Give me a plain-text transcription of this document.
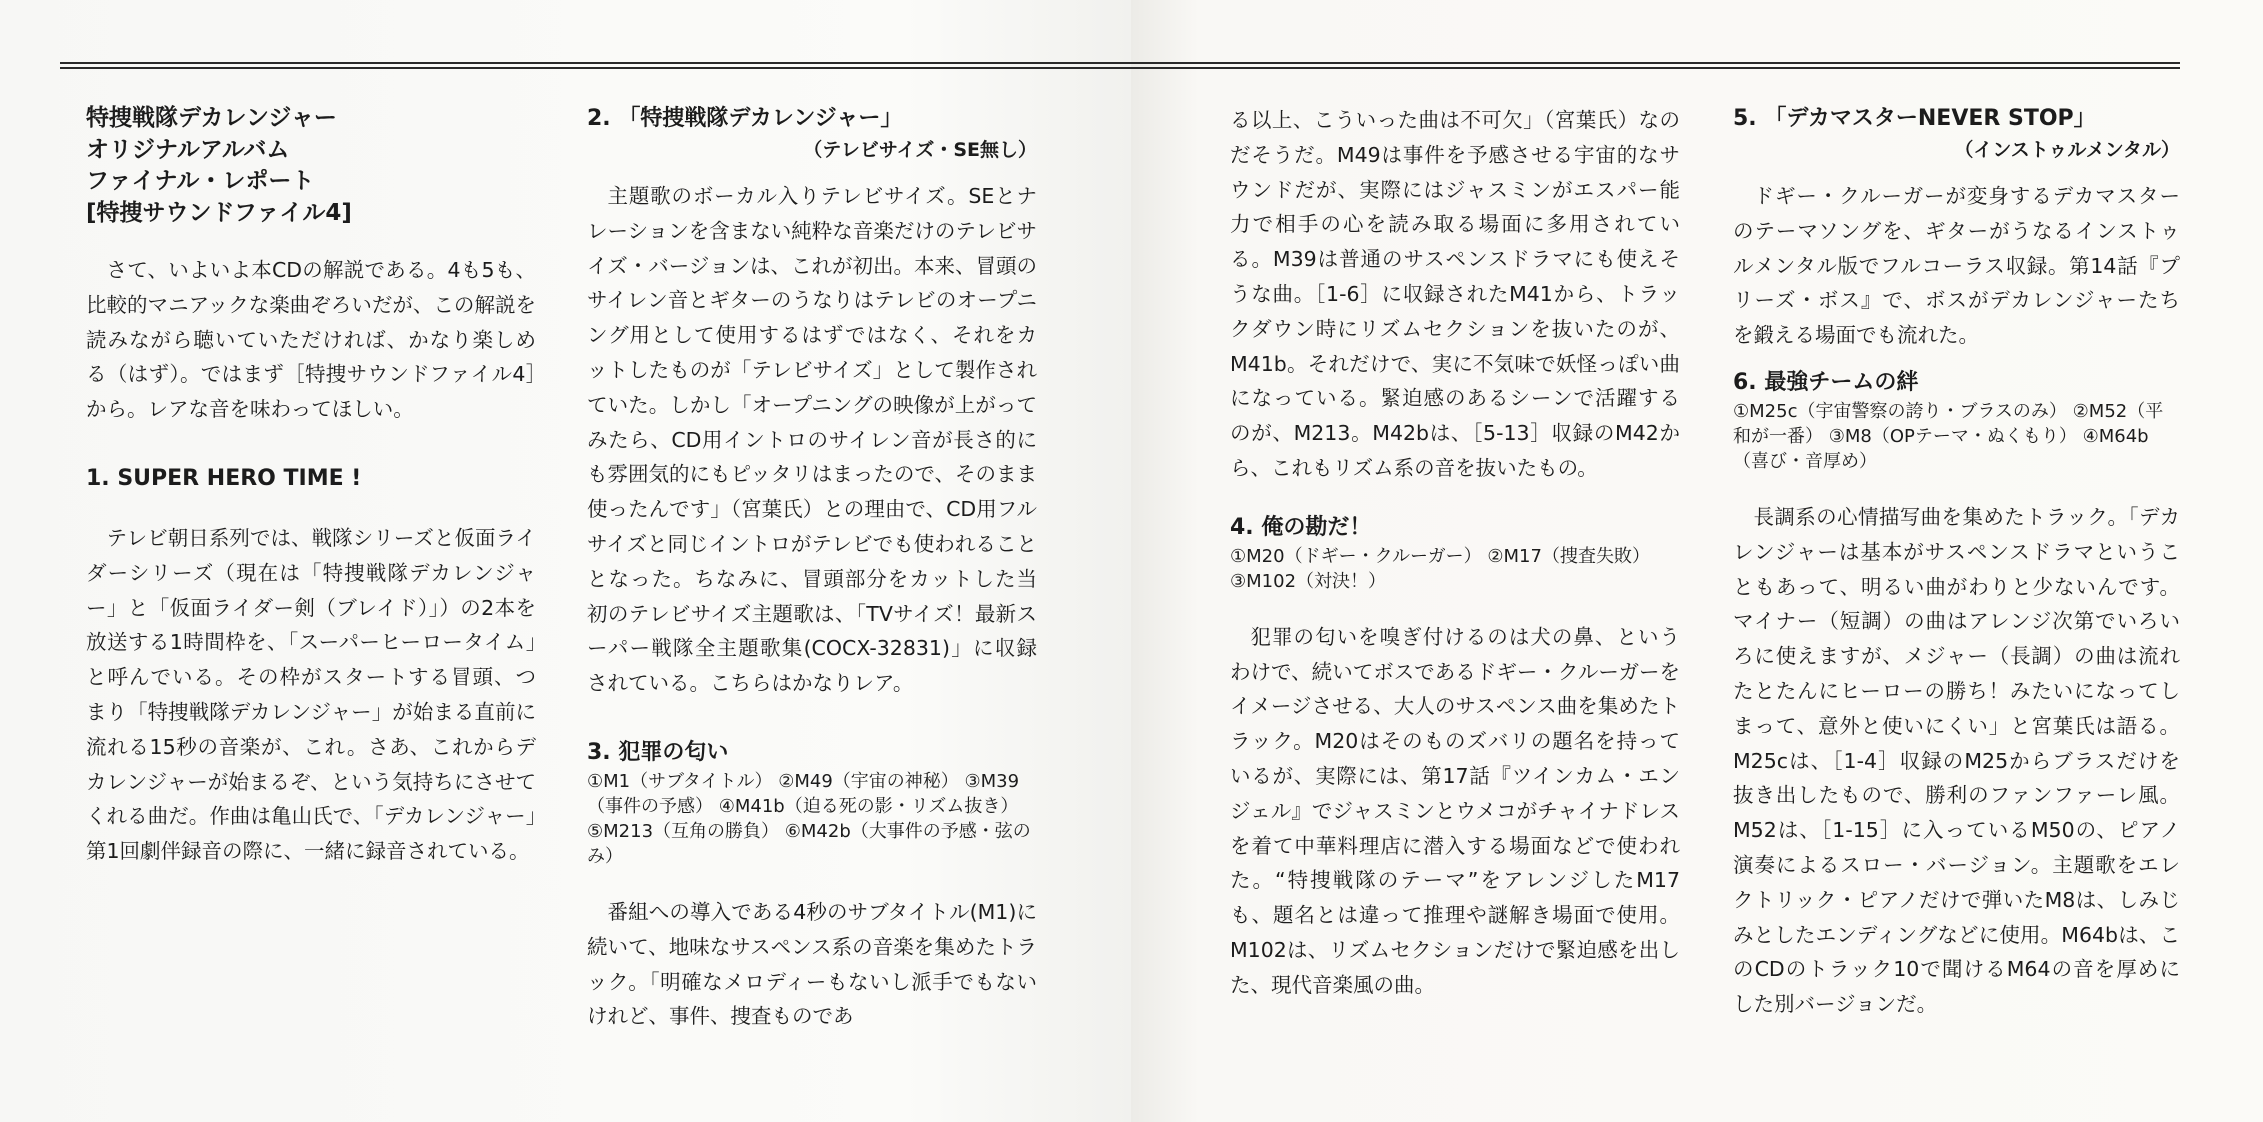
特捜戦隊デカレンジャー
オリジナルアルバム
ファイナル・レポート
[特捜サウンドファイル4]

さて、いよいよ本CDの解説である。4も5も、比較的マニアックな楽曲ぞろいだが、この解説を読みながら聴いていただければ、かなり楽しめる（はず）。ではまず［特捜サウンドファイル4］から。レアな音を味わってほしい。

1. SUPER HERO TIME !

テレビ朝日系列では、戦隊シリーズと仮面ライダーシリーズ（現在は「特捜戦隊デカレンジャー」と「仮面ライダー剣（ブレイド）」）の2本を放送する1時間枠を、「スーパーヒーロータイム」と呼んでいる。その枠がスタートする冒頭、つまり「特捜戦隊デカレンジャー」が始まる直前に流れる15秒の音楽が、これ。さあ、これからデカレンジャーが始まるぞ、という気持ちにさせてくれる曲だ。作曲は亀山氏で、「デカレンジャー」第1回劇伴録音の際に、一緒に録音されている。

2. 「特捜戦隊デカレンジャー」
（テレビサイズ・SE無し）

主題歌のボーカル入りテレビサイズ。SEとナレーションを含まない純粋な音楽だけのテレビサイズ・バージョンは、これが初出。本来、冒頭のサイレン音とギターのうなりはテレビのオープニング用として使用するはずではなく、それをカットしたものが「テレビサイズ」として製作されていた。しかし「オープニングの映像が上がってみたら、CD用イントロのサイレン音が長さ的にも雰囲気的にもピッタリはまったので、そのまま使ったんです」（宮葉氏）との理由で、CD用フルサイズと同じイントロがテレビでも使われることとなった。ちなみに、冒頭部分をカットした当初のテレビサイズ主題歌は、「TVサイズ！最新スーパー戦隊全主題歌集(COCX-32831)」に収録されている。こちらはかなりレア。

3. 犯罪の匂い
①M1（サブタイトル） ②M49（宇宙の神秘） ③M39（事件の予感） ④M41b（迫る死の影・リズム抜き） ⑤M213（互角の勝負） ⑥M42b（大事件の予感・弦のみ）

番組への導入である4秒のサブタイトル(M1)に続いて、地味なサスペンス系の音楽を集めたトラック。「明確なメロディーもないし派手でもないけれど、事件、捜査ものであ

る以上、こういった曲は不可欠」（宮葉氏）なのだそうだ。M49は事件を予感させる宇宙的なサウンドだが、実際にはジャスミンがエスパー能力で相手の心を読み取る場面に多用されている。M39は普通のサスペンスドラマにも使えそうな曲。［1-6］に収録されたM41から、トラックダウン時にリズムセクションを抜いたのが、M41b。それだけで、実に不気味で妖怪っぽい曲になっている。緊迫感のあるシーンで活躍するのが、M213。M42bは、［5-13］収録のM42から、これもリズム系の音を抜いたもの。

4. 俺の勘だ！
①M20（ドギー・クルーガー） ②M17（捜査失敗） ③M102（対決！）

犯罪の匂いを嗅ぎ付けるのは犬の鼻、というわけで、続いてボスであるドギー・クルーガーをイメージさせる、大人のサスペンス曲を集めたトラック。M20はそのものズバリの題名を持っているが、実際には、第17話『ツインカム・エンジェル』でジャスミンとウメコがチャイナドレスを着て中華料理店に潜入する場面などで使われた。“特捜戦隊のテーマ”をアレンジしたM17も、題名とは違って推理や謎解き場面で使用。M102は、リズムセクションだけで緊迫感を出した、現代音楽風の曲。

5. 「デカマスターNEVER STOP」
（インストゥルメンタル）

ドギー・クルーガーが変身するデカマスターのテーマソングを、ギターがうなるインストゥルメンタル版でフルコーラス収録。第14話『プリーズ・ボス』で、ボスがデカレンジャーたちを鍛える場面でも流れた。

6. 最強チームの絆
①M25c（宇宙警察の誇り・ブラスのみ） ②M52（平和が一番） ③M8（OPテーマ・ぬくもり） ④M64b（喜び・音厚め）

長調系の心情描写曲を集めたトラック。「デカレンジャーは基本がサスペンスドラマということもあって、明るい曲がわりと少ないんです。マイナー（短調）の曲はアレンジ次第でいろいろに使えますが、メジャー（長調）の曲は流れたとたんにヒーローの勝ち！みたいになってしまって、意外と使いにくい」と宮葉氏は語る。M25cは、［1-4］収録のM25からブラスだけを抜き出したもので、勝利のファンファーレ風。M52は、［1-15］に入っているM50の、ピアノ演奏によるスロー・バージョン。主題歌をエレクトリック・ピアノだけで弾いたM8は、しみじみとしたエンディングなどに使用。M64bは、このCDのトラック10で聞けるM64の音を厚めにした別バージョンだ。
